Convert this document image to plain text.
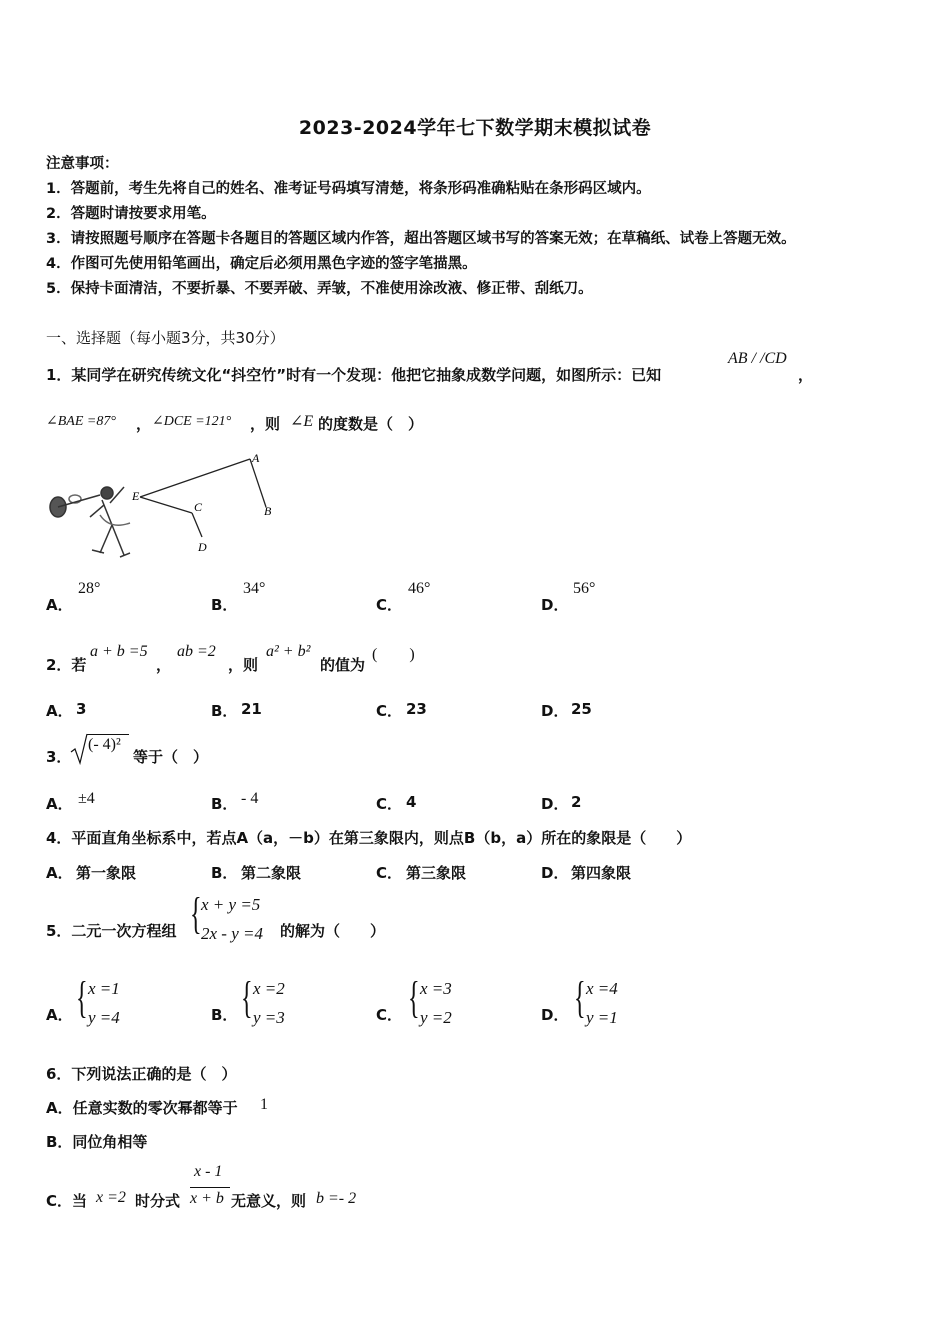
2023-2024学年七下数学期末模拟试卷
注意事项：
1．答题前，考生先将自己的姓名、准考证号码填写清楚，将条形码准确粘贴在条形码区域内。
2．答题时请按要求用笔。
3．请按照题号顺序在答题卡各题目的答题区域内作答，超出答题区域书写的答案无效；在草稿纸、试卷上答题无效。
4．作图可先使用铅笔画出，确定后必须用黑色字迹的签字笔描黑。
5．保持卡面清洁，不要折暴、不要弄破、弄皱，不准使用涂改液、修正带、刮纸刀。
一、选择题（每小题3分，共30分）
1．某同学在研究传统文化“抖空竹”时有一个发现：他把它抽象成数学问题，如图所示：已知
AB / /CD
，
∠BAE =87° ， ∠DCE =121° ，则 ∠E 的度数是（　）
A
B
C
D
E
A．
28°
B．
34°
C．
46°
D．
56°
2．若
a + b =5
，
ab =2
，则
a² + b²
的值为
(　　)
A． 3	B． 21	C． 23	D． 25
3．
(- 4)²
等于（　）
A． ±4	B． - 4	C． 4	D． 2
4．平面直角坐标系中，若点A（a，－b）在第三象限内，则点B（b，a）所在的象限是（　　）
A． 第一象限	B． 第二象限	C． 第三象限	D． 第四象限
5．二元一次方程组 { x + y =5
2x - y =4 的解为（　　）
A． { x =1
y =4	B． { x =2
y =3	C． { x =3
y =2	D． { x =4
y =1
6．下列说法正确的是（　）
A．任意实数的零次幂都等于 1
B．同位角相等
C．当 x =2 时分式
x - 1
x + b 无意义，则 b =- 2
